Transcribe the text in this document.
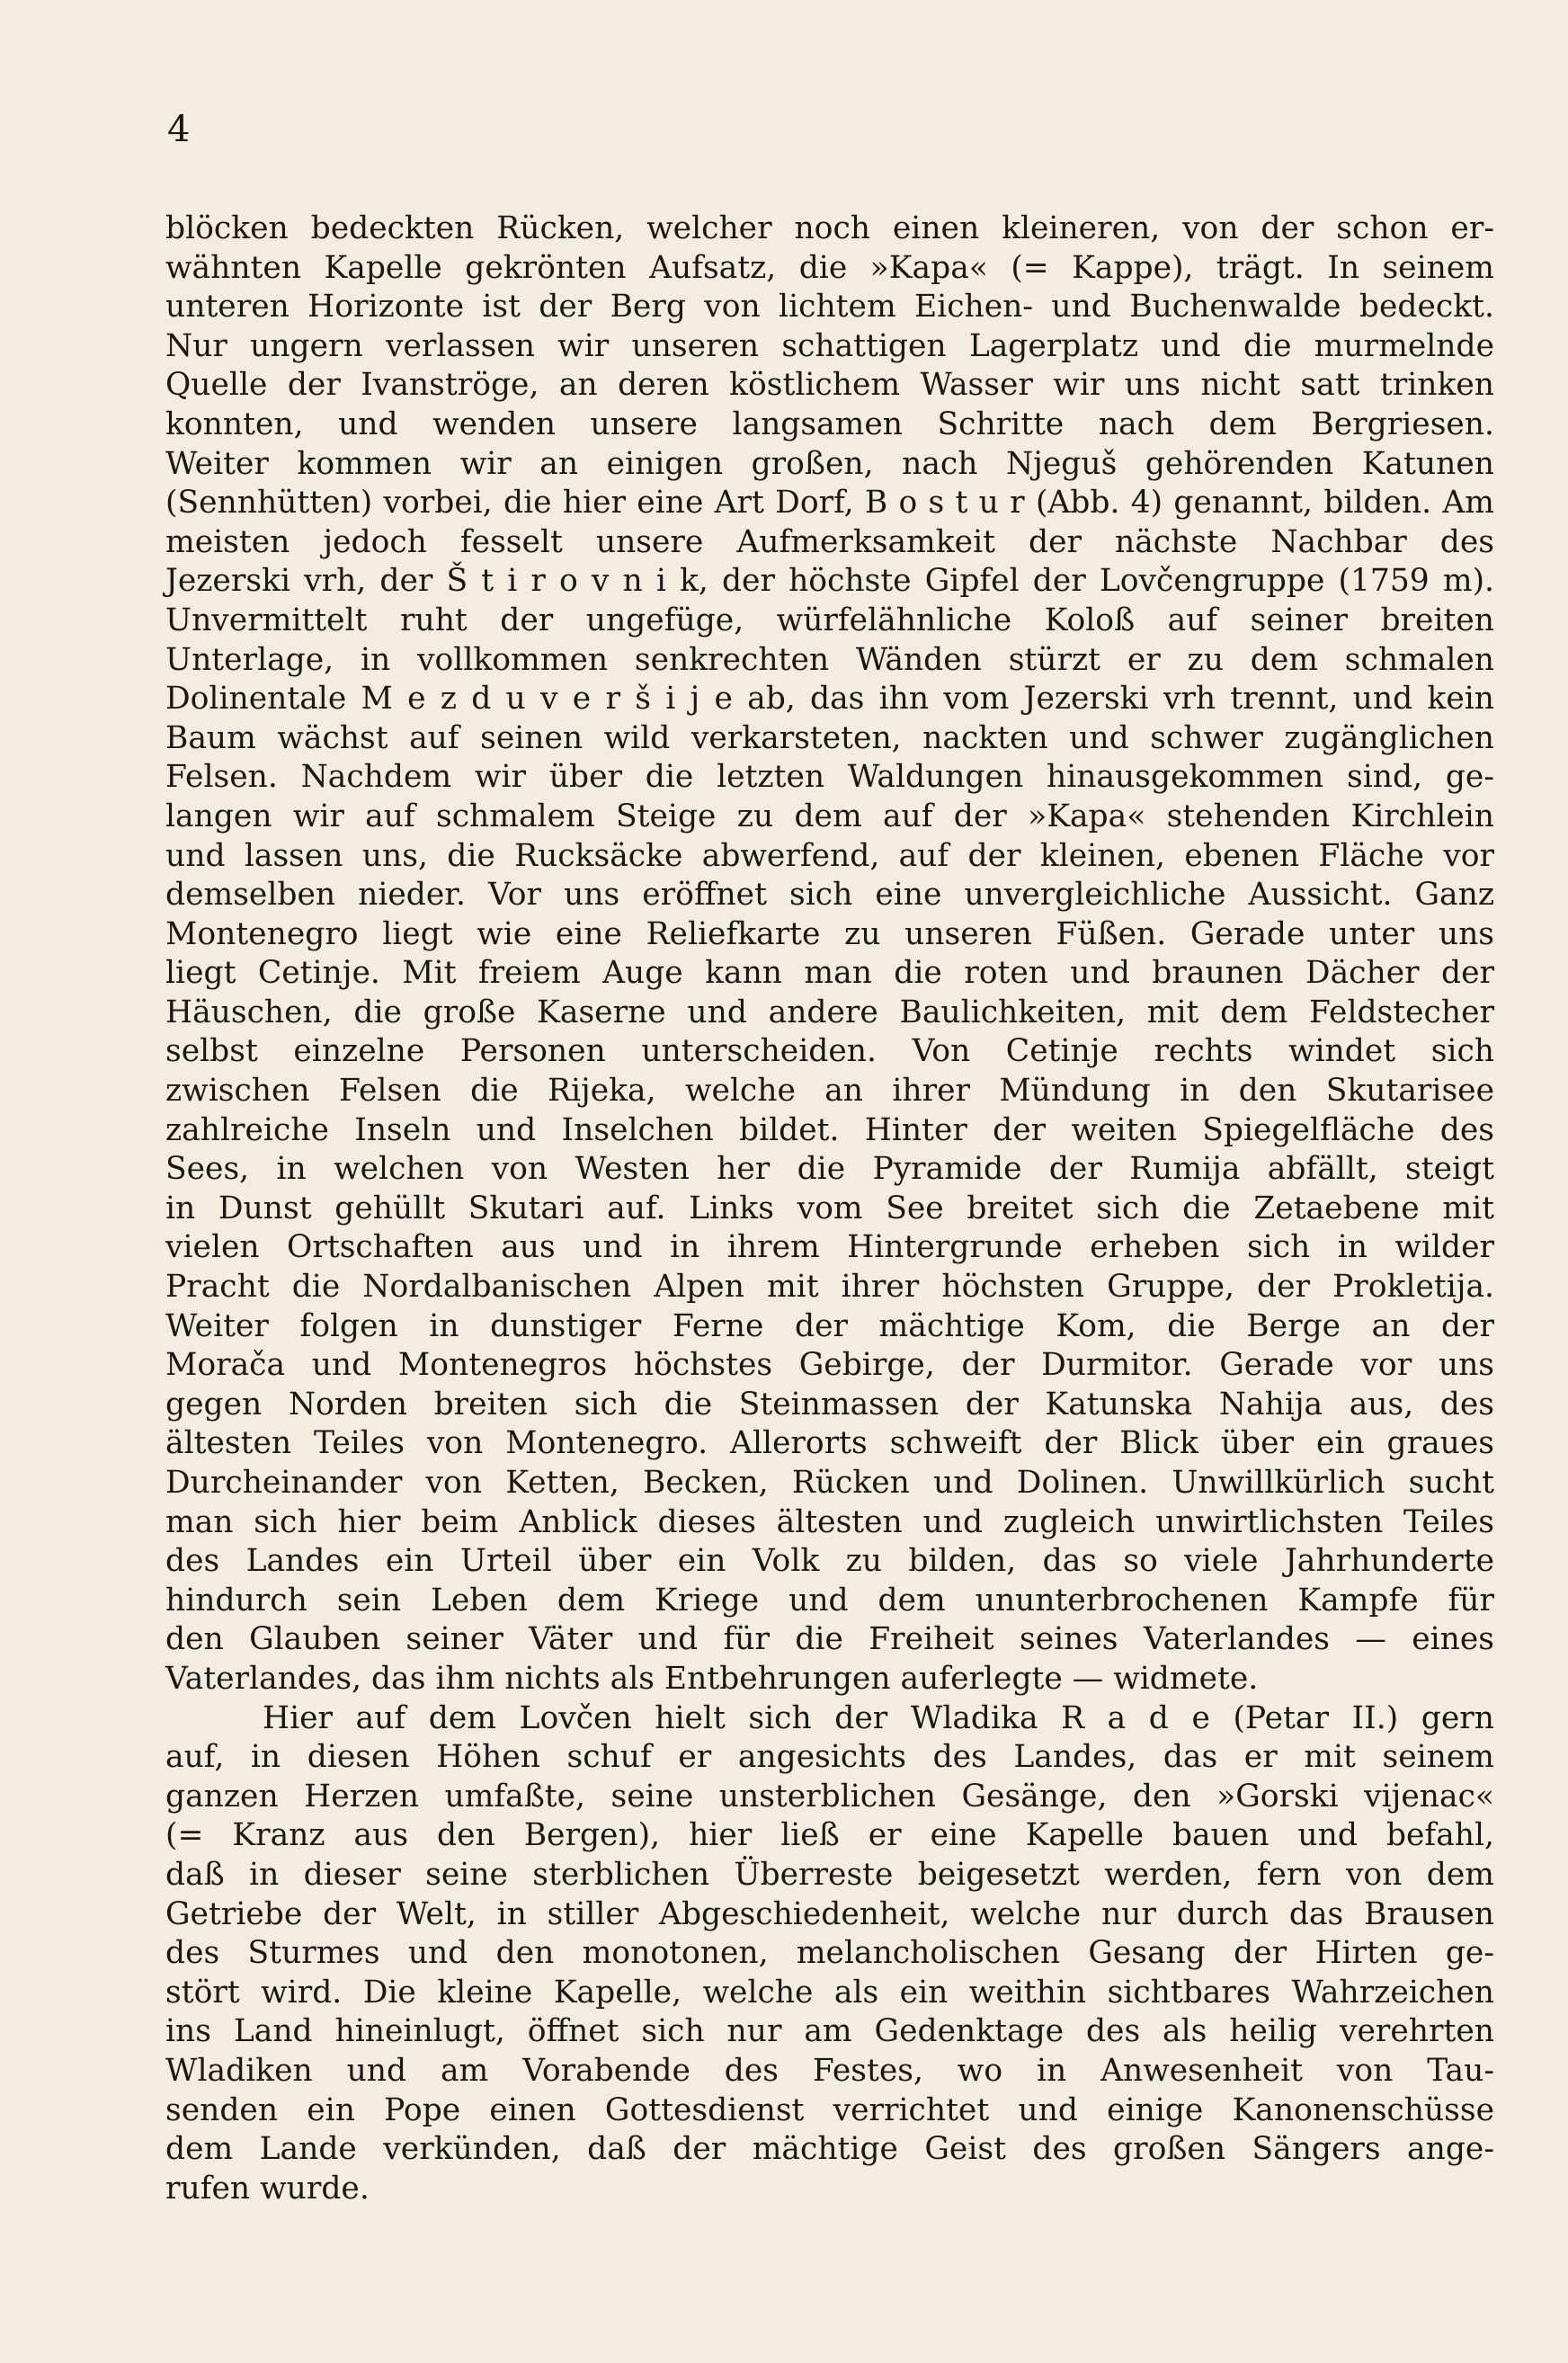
4
blöcken bedeckten Rücken, welcher noch einen kleineren, von der schon er-
wähnten Kapelle gekrönten Aufsatz, die »Kapa« (= Kappe), trägt. In seinem
unteren Horizonte ist der Berg von lichtem Eichen- und Buchenwalde bedeckt.
Nur ungern verlassen wir unseren schattigen Lagerplatz und die murmelnde
Quelle der Ivanströge, an deren köstlichem Wasser wir uns nicht satt trinken
konnten, und wenden unsere langsamen Schritte nach dem Bergriesen.
Weiter kommen wir an einigen großen, nach Njeguš gehörenden Katunen
(Sennhütten) vorbei, die hier eine Art Dorf, B o s t u r (Abb. 4) genannt, bilden. Am
meisten jedoch fesselt unsere Aufmerksamkeit der nächste Nachbar des
Jezerski vrh, der Š t i r o v n i k, der höchste Gipfel der Lovčengruppe (1759 m).
Unvermittelt ruht der ungefüge, würfelähnliche Koloß auf seiner breiten
Unterlage, in vollkommen senkrechten Wänden stürzt er zu dem schmalen
Dolinentale M e z d u v e r š i j e ab, das ihn vom Jezerski vrh trennt, und kein
Baum wächst auf seinen wild verkarsteten, nackten und schwer zugänglichen
Felsen. Nachdem wir über die letzten Waldungen hinausgekommen sind, ge-
langen wir auf schmalem Steige zu dem auf der »Kapa« stehenden Kirchlein
und lassen uns, die Rucksäcke abwerfend, auf der kleinen, ebenen Fläche vor
demselben nieder. Vor uns eröffnet sich eine unvergleichliche Aussicht. Ganz
Montenegro liegt wie eine Reliefkarte zu unseren Füßen. Gerade unter uns
liegt Cetinje. Mit freiem Auge kann man die roten und braunen Dächer der
Häuschen, die große Kaserne und andere Baulichkeiten, mit dem Feldstecher
selbst einzelne Personen unterscheiden. Von Cetinje rechts windet sich
zwischen Felsen die Rijeka, welche an ihrer Mündung in den Skutarisee
zahlreiche Inseln und Inselchen bildet. Hinter der weiten Spiegelfläche des
Sees, in welchen von Westen her die Pyramide der Rumija abfällt, steigt
in Dunst gehüllt Skutari auf. Links vom See breitet sich die Zetaebene mit
vielen Ortschaften aus und in ihrem Hintergrunde erheben sich in wilder
Pracht die Nordalbanischen Alpen mit ihrer höchsten Gruppe, der Prokletija.
Weiter folgen in dunstiger Ferne der mächtige Kom, die Berge an der
Morača und Montenegros höchstes Gebirge, der Durmitor. Gerade vor uns
gegen Norden breiten sich die Steinmassen der Katunska Nahija aus, des
ältesten Teiles von Montenegro. Allerorts schweift der Blick über ein graues
Durcheinander von Ketten, Becken, Rücken und Dolinen. Unwillkürlich sucht
man sich hier beim Anblick dieses ältesten und zugleich unwirtlichsten Teiles
des Landes ein Urteil über ein Volk zu bilden, das so viele Jahrhunderte
hindurch sein Leben dem Kriege und dem ununterbrochenen Kampfe für
den Glauben seiner Väter und für die Freiheit seines Vaterlandes — eines
Vaterlandes, das ihm nichts als Entbehrungen auferlegte — widmete.
Hier auf dem Lovčen hielt sich der Wladika R a d e (Petar II.) gern
auf, in diesen Höhen schuf er angesichts des Landes, das er mit seinem
ganzen Herzen umfaßte, seine unsterblichen Gesänge, den »Gorski vijenac«
(= Kranz aus den Bergen), hier ließ er eine Kapelle bauen und befahl,
daß in dieser seine sterblichen Überreste beigesetzt werden, fern von dem
Getriebe der Welt, in stiller Abgeschiedenheit, welche nur durch das Brausen
des Sturmes und den monotonen, melancholischen Gesang der Hirten ge-
stört wird. Die kleine Kapelle, welche als ein weithin sichtbares Wahrzeichen
ins Land hineinlugt, öffnet sich nur am Gedenktage des als heilig verehrten
Wladiken und am Vorabende des Festes, wo in Anwesenheit von Tau-
senden ein Pope einen Gottesdienst verrichtet und einige Kanonenschüsse
dem Lande verkünden, daß der mächtige Geist des großen Sängers ange-
rufen wurde.
